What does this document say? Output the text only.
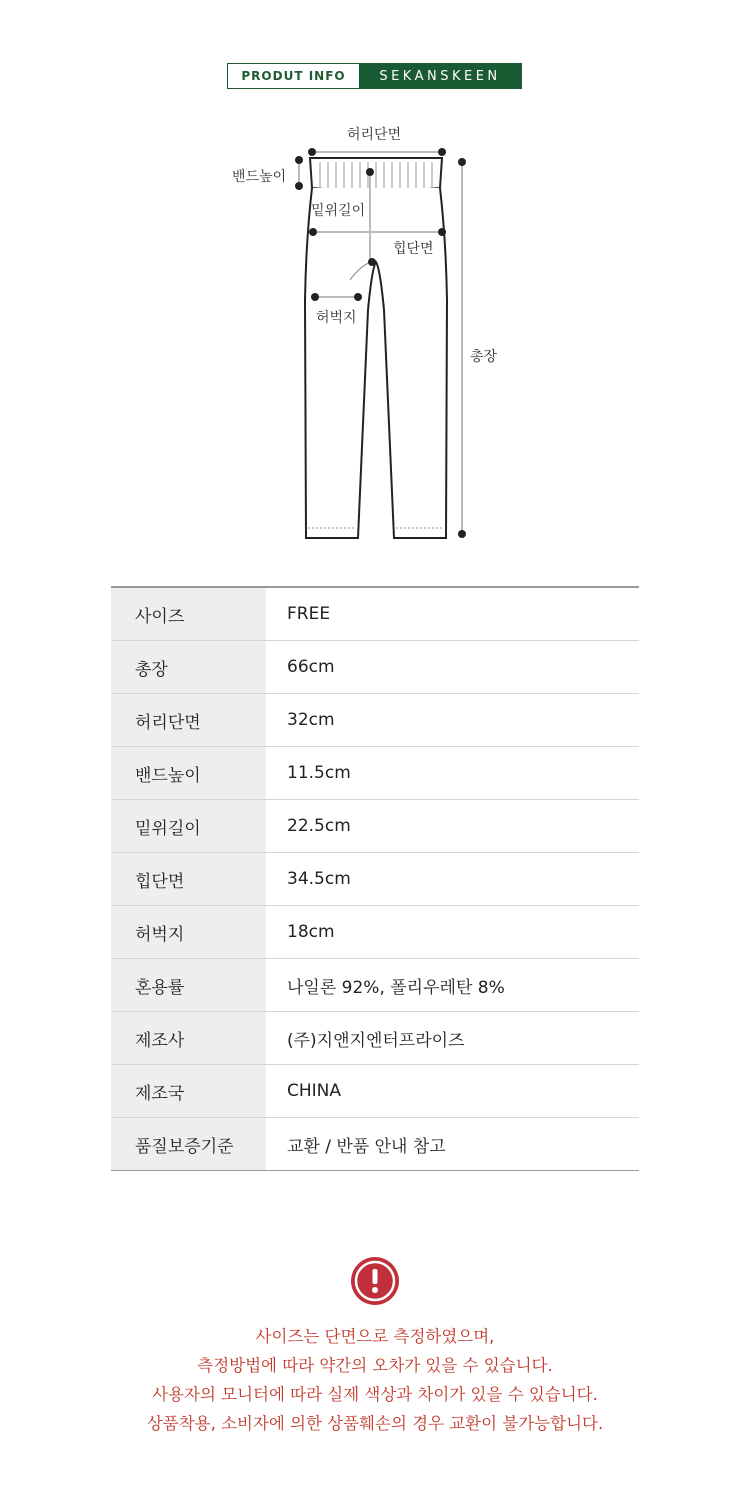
PRODUT INFO	SEKANSKEEN
허리단면
밴드높이
밑위길이
힙단면
허벅지
총장
사이즈	FREE
총장	66cm
허리단면	32cm
밴드높이	11.5cm
밑위길이	22.5cm
힙단면	34.5cm
허벅지	18cm
혼용률	나일론 92%, 폴리우레탄 8%
제조사	(주)지앤지엔터프라이즈
제조국	CHINA
품질보증기준	교환 / 반품 안내 참고
사이즈는 단면으로 측정하였으며,
측정방법에 따라 약간의 오차가 있을 수 있습니다.
사용자의 모니터에 따라 실제 색상과 차이가 있을 수 있습니다.
상품착용, 소비자에 의한 상품훼손의 경우 교환이 불가능합니다.
